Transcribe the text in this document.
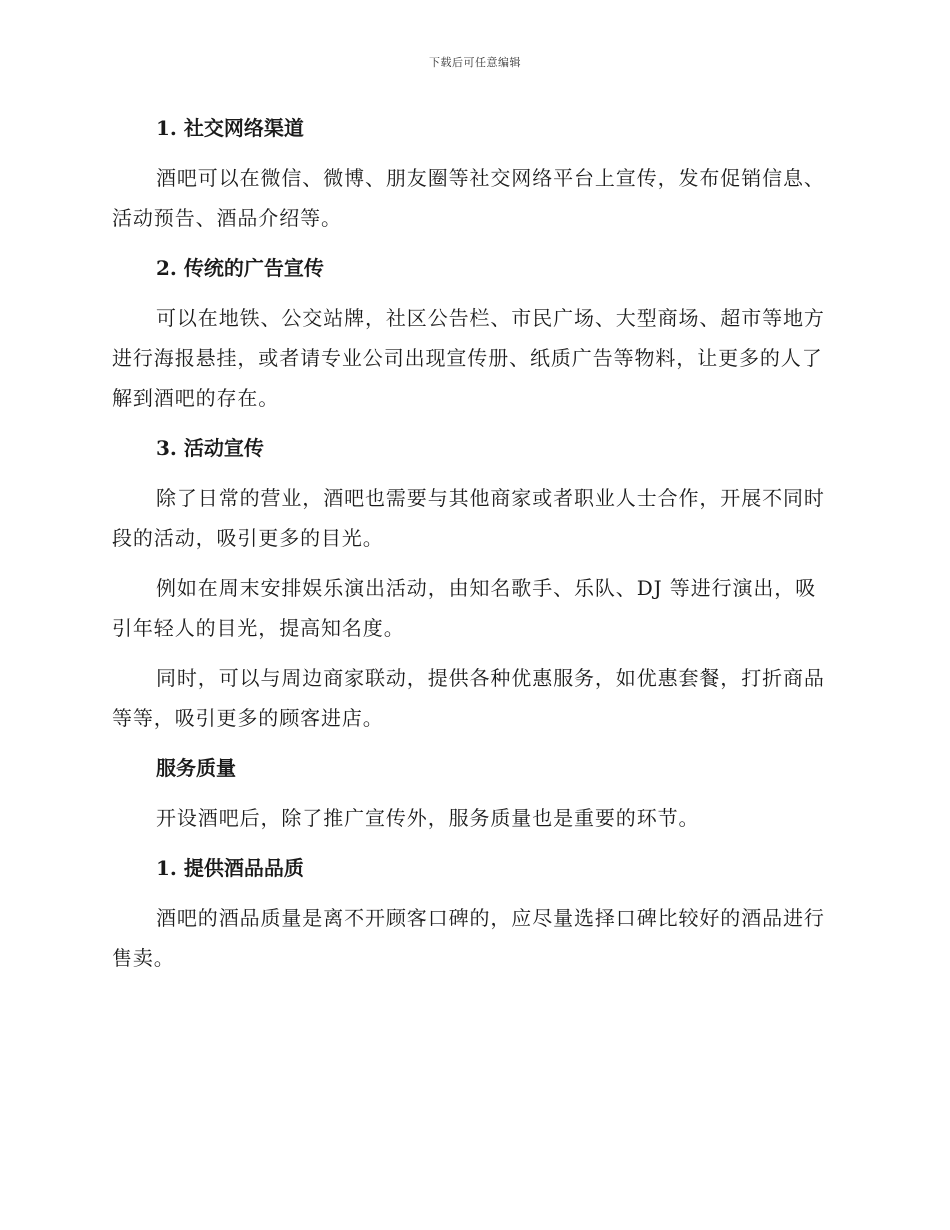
下载后可任意编辑
1. 社交网络渠道
酒吧可以在微信、微博、朋友圈等社交网络平台上宣传，发布促销信息、活动预告、酒品介绍等。
2. 传统的广告宣传
可以在地铁、公交站牌，社区公告栏、市民广场、大型商场、超市等地方进行海报悬挂，或者请专业公司出现宣传册、纸质广告等物料，让更多的人了解到酒吧的存在。
3. 活动宣传
除了日常的营业，酒吧也需要与其他商家或者职业人士合作，开展不同时段的活动，吸引更多的目光。
例如在周末安排娱乐演出活动，由知名歌手、乐队、DJ 等进行演出，吸引年轻人的目光，提高知名度。
同时，可以与周边商家联动，提供各种优惠服务，如优惠套餐，打折商品等等，吸引更多的顾客进店。
服务质量
开设酒吧后，除了推广宣传外，服务质量也是重要的环节。
1. 提供酒品品质
酒吧的酒品质量是离不开顾客口碑的，应尽量选择口碑比较好的酒品进行售卖。
